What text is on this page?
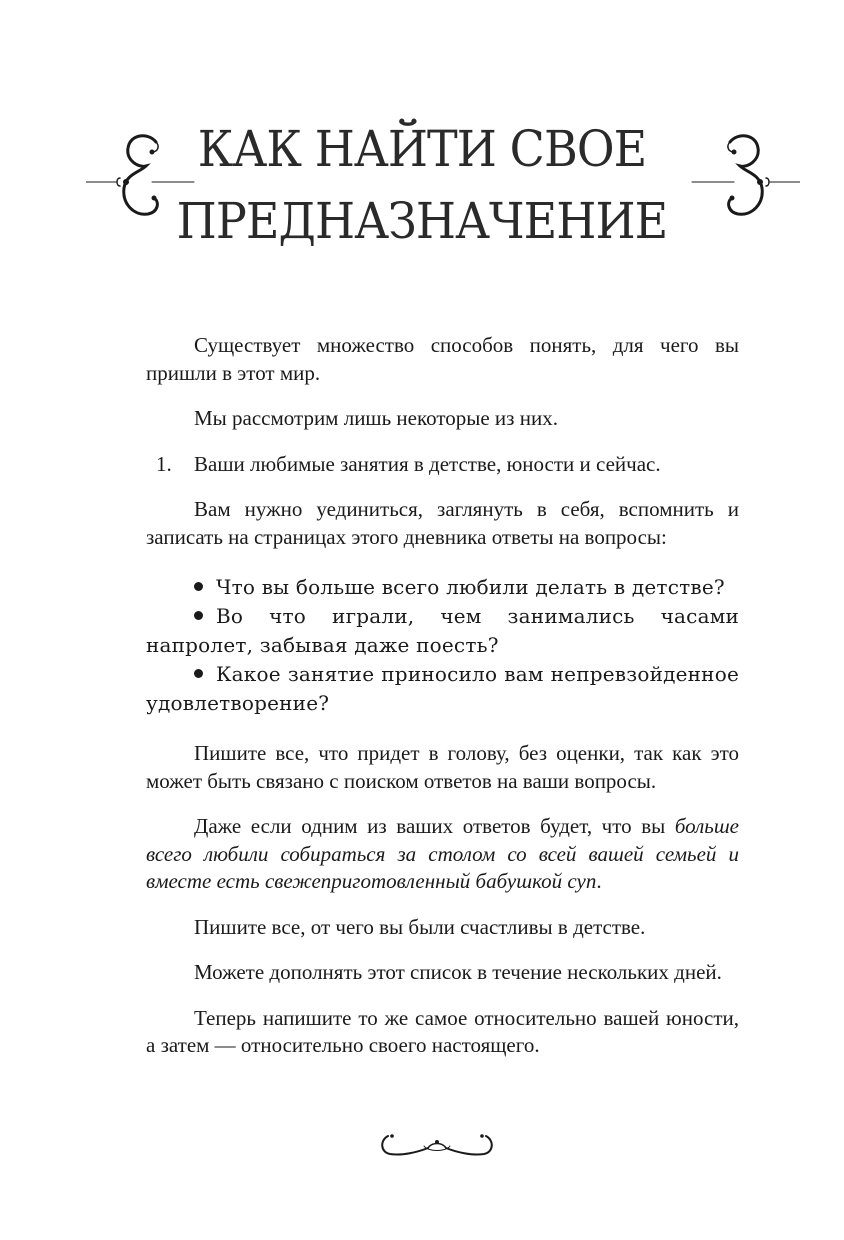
КАК НАЙТИ СВОЕ
ПРЕДНАЗНАЧЕНИЕ

Существует множество способов понять, для чего вы пришли в этот мир.

Мы рассмотрим лишь некоторые из них.

1.	Ваши любимые занятия в детстве, юности и сейчас.

Вам нужно уединиться, заглянуть в себя, вспомнить и записать на страницах этого дневника ответы на вопросы:

Что вы больше всего любили делать в детстве?

Во что играли, чем занимались часами напролет, забывая даже поесть?

Какое занятие приносило вам непревзойденное удовлетворение?

Пишите все, что придет в голову, без оценки, так как это может быть связано с поиском ответов на ваши вопросы.

Даже если одним из ваших ответов будет, что вы больше всего любили собираться за столом со всей вашей семьей и вместе есть свежеприготовленный бабушкой суп.

Пишите все, от чего вы были счастливы в детстве.

Можете дополнять этот список в течение нескольких дней.

Теперь напишите то же самое относительно вашей юности, а затем — относительно своего настоящего.
